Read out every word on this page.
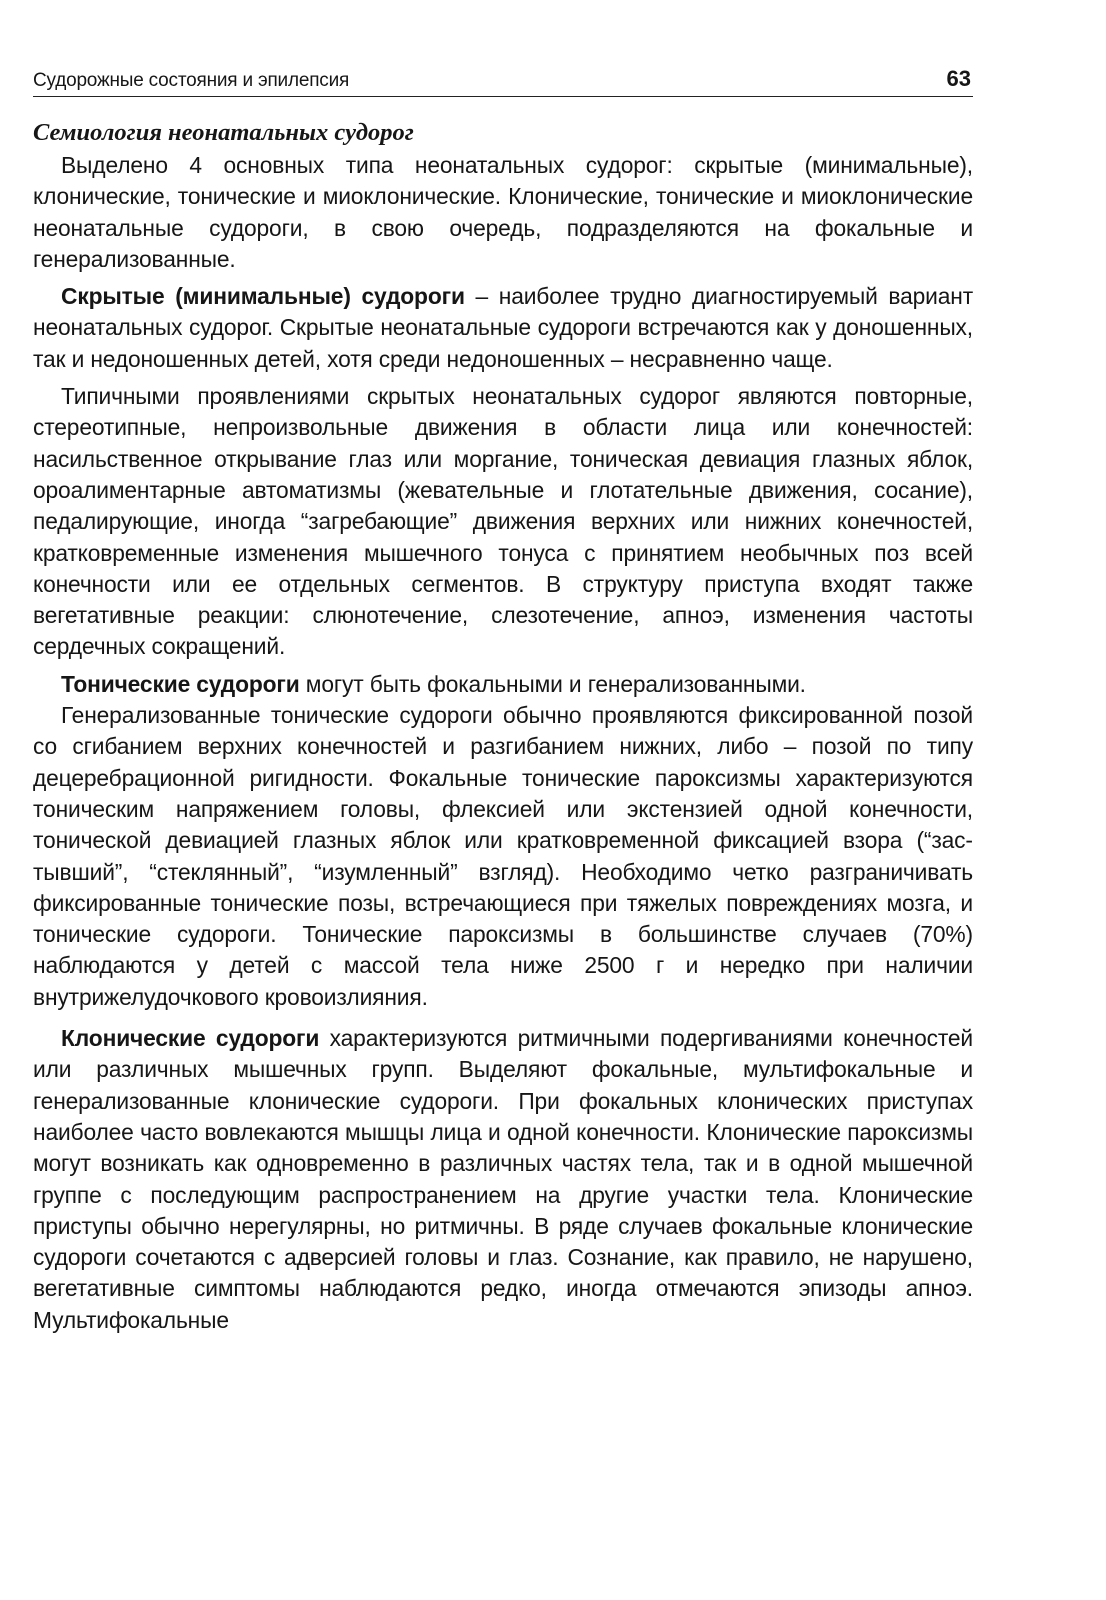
Судорожные состояния и эпилепсия	63
Семиология неонатальных судорог

Выделено 4 основных типа неонатальных судорог: скрытые (минимальные), клонические, тонические и миоклонические. Клонические, тонические и миоклонические неонатальные судороги, в свою очередь, подразделяются на фокальные и генерализованные.

Скрытые (минимальные) судороги – наиболее трудно диагностируемый вариант неонатальных судорог. Скрытые неонатальные судороги встречаются как у доношенных, так и недоношенных детей, хотя среди недоношенных – несравненно чаще.

Типичными проявлениями скрытых неонатальных судорог являются повторные, стереотипные, непроизвольные движения в области лица или конечностей: насильственное открывание глаз или моргание, тоническая девиация глазных яблок, ороалиментарные автоматизмы (жевательные и глотательные движения, сосание), педалирующие, иногда “загребающие” движения верхних или нижних конечностей, кратковременные изменения мышечного тонуса с принятием необычных поз всей конечности или ее отдельных сегментов. В структуру приступа входят также вегетативные реакции: слюнотечение, слезотечение, апноэ, изменения частоты сердечных сокращений.

Тонические судороги могут быть фокальными и генерализованными.

Генерализованные тонические судороги обычно проявляются фиксированной позой со сгибанием верхних конечностей и разгибанием нижних, либо – позой по типу децеребрационной ригидности. Фокальные тонические пароксизмы характеризуются тоническим напряжением головы, флексией или экстензией одной конечности, тонической девиацией глазных яблок или кратковременной фиксацией взора (“застывший”, “стеклянный”, “изумленный” взгляд). Необходимо четко разграничивать фиксированные тонические позы, встречающиеся при тяжелых повреждениях мозга, и тонические судороги. Тонические пароксизмы в большинстве случаев (70%) наблюдаются у детей с массой тела ниже 2500 г и нередко при наличии внутрижелудочкового кровоизлияния.

Клонические судороги характеризуются ритмичными подергиваниями конечностей или различных мышечных групп. Выделяют фокальные, мультифокальные и генерализованные клонические судороги. При фокальных клонических приступах наиболее часто вовлекаются мышцы лица и одной конечности. Клонические пароксизмы могут возникать как одновременно в различных частях тела, так и в одной мышечной группе с последующим распространением на другие участки тела. Клонические приступы обычно нерегулярны, но ритмичны. В ряде случаев фокальные клонические судороги сочетаются с адверсией головы и глаз. Сознание, как правило, не нарушено, вегетативные симптомы наблюдаются редко, иногда отмечаются эпизоды апноэ. Мультифокальные
